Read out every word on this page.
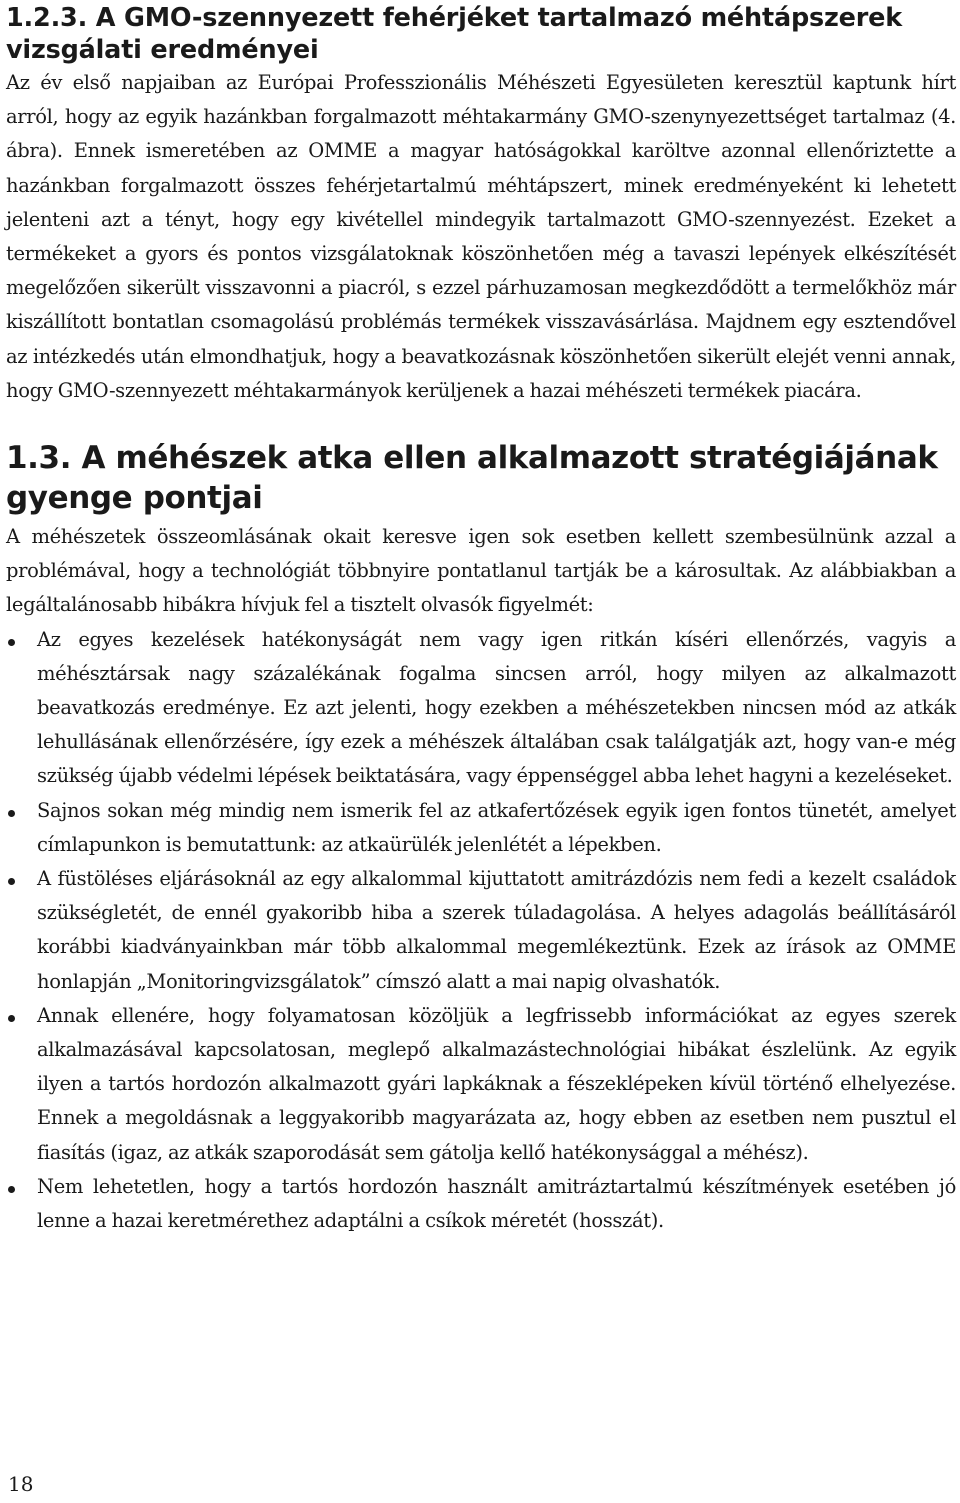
1.2.3. A GMO-szennyezett fehérjéket tartalmazó méhtápszerek vizsgálati eredményei

Az év első napjaiban az Európai Professzionális Méhészeti Egyesületen keresztül kaptunk hírt arról, hogy az egyik hazánkban forgalmazott méhtakarmány GMO-szenynyezettséget tartalmaz (4. ábra). Ennek ismeretében az OMME a magyar hatóságokkal karöltve azonnal ellenőriztette a hazánkban forgalmazott összes fehérjetartalmú méhtápszert, minek eredményeként ki lehetett jelenteni azt a tényt, hogy egy kivétellel mindegyik tartalmazott GMO-szennyezést. Ezeket a termékeket a gyors és pontos vizsgálatoknak köszönhetően még a tavaszi lepények elkészítését megelőzően sikerült visszavonni a piacról, s ezzel párhuzamosan megkezdődött a termelőkhöz már kiszállított bontatlan csomagolású problémás termékek visszavásárlása. Majdnem egy esztendővel az intézkedés után elmondhatjuk, hogy a beavatkozásnak köszönhetően sikerült elejét venni annak, hogy GMO-szennyezett méhtakarmányok kerüljenek a hazai méhészeti termékek piacára.

1.3. A méhészek atka ellen alkalmazott stratégiájának gyenge pontjai

A méhészetek összeomlásának okait keresve igen sok esetben kellett szembesülnünk azzal a problémával, hogy a technológiát többnyire pontatlanul tartják be a károsultak. Az alábbiakban a legáltalánosabb hibákra hívjuk fel a tisztelt olvasók figyelmét:

Az egyes kezelések hatékonyságát nem vagy igen ritkán kíséri ellenőrzés, vagyis a méhésztársak nagy százalékának fogalma sincsen arról, hogy milyen az alkalmazott beavatkozás eredménye. Ez azt jelenti, hogy ezekben a méhészetekben nincsen mód az atkák lehullásának ellenőrzésére, így ezek a méhészek általában csak találgatják azt, hogy van-e még szükség újabb védelmi lépések beiktatására, vagy éppenséggel abba lehet hagyni a kezeléseket.

Sajnos sokan még mindig nem ismerik fel az atkafertőzések egyik igen fontos tünetét, amelyet címlapunkon is bemutattunk: az atkaürülék jelenlétét a lépekben.

A füstöléses eljárásoknál az egy alkalommal kijuttatott amitrázdózis nem fedi a kezelt családok szükségletét, de ennél gyakoribb hiba a szerek túladagolása. A helyes adagolás beállításáról korábbi kiadványainkban már több alkalommal megemlékeztünk. Ezek az írások az OMME honlapján „Monitoringvizsgálatok” címszó alatt a mai napig olvashatók.

Annak ellenére, hogy folyamatosan közöljük a legfrissebb információkat az egyes szerek alkalmazásával kapcsolatosan, meglepő alkalmazástechnológiai hibákat észlelünk. Az egyik ilyen a tartós hordozón alkalmazott gyári lapkáknak a fészeklépeken kívül történő elhelyezése. Ennek a megoldásnak a leggyakoribb magyarázata az, hogy ebben az esetben nem pusztul el fiasítás (igaz, az atkák szaporodását sem gátolja kellő hatékonysággal a méhész).

Nem lehetetlen, hogy a tartós hordozón használt amitráztartalmú készítmények esetében jó lenne a hazai keretmérethez adaptálni a csíkok méretét (hosszát).

18
